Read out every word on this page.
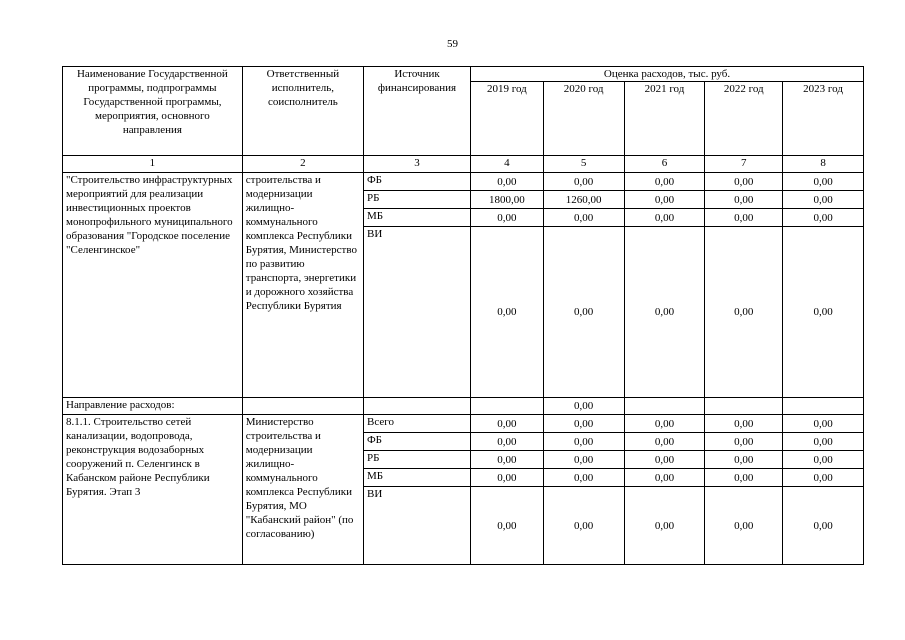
59
Наименование Государственной программы, подпрограммы Государственной программы, мероприятия, основного направления	Ответственный исполнитель, соисполнитель	Источник финансирования	Оценка расходов, тыс. руб.				
			2019 год	2020 год	2021 год	2022 год	2023 год
1	2	3	4	5	6	7	8
"Строительство инфраструктурных мероприятий для реализации инвестиционных проектов монопрофильного муниципального образования "Городское поселение "Селенгинское"	строительства и модернизации жилищно-коммунального комплекса Республики Бурятия, Министерство по развитию транспорта, энергетики и дорожного хозяйства Республики Бурятия	ФБ	0,00	0,00	0,00	0,00	0,00
		РБ	1800,00	1260,00	0,00	0,00	0,00
		МБ	0,00	0,00	0,00	0,00	0,00
		ВИ	0,00	0,00	0,00	0,00	0,00
Направление расходов:				0,00			
8.1.1. Строительство сетей канализации, водопровода, реконструкция водозаборных сооружений п. Селенгинск в Кабанском районе Республики Бурятия. Этап 3	Министерство строительства и модернизации жилищно-коммунального комплекса Республики Бурятия, МО "Кабанский район" (по согласованию)	Всего	0,00	0,00	0,00	0,00	0,00
		ФБ	0,00	0,00	0,00	0,00	0,00
		РБ	0,00	0,00	0,00	0,00	0,00
		МБ	0,00	0,00	0,00	0,00	0,00
		ВИ	0,00	0,00	0,00	0,00	0,00
